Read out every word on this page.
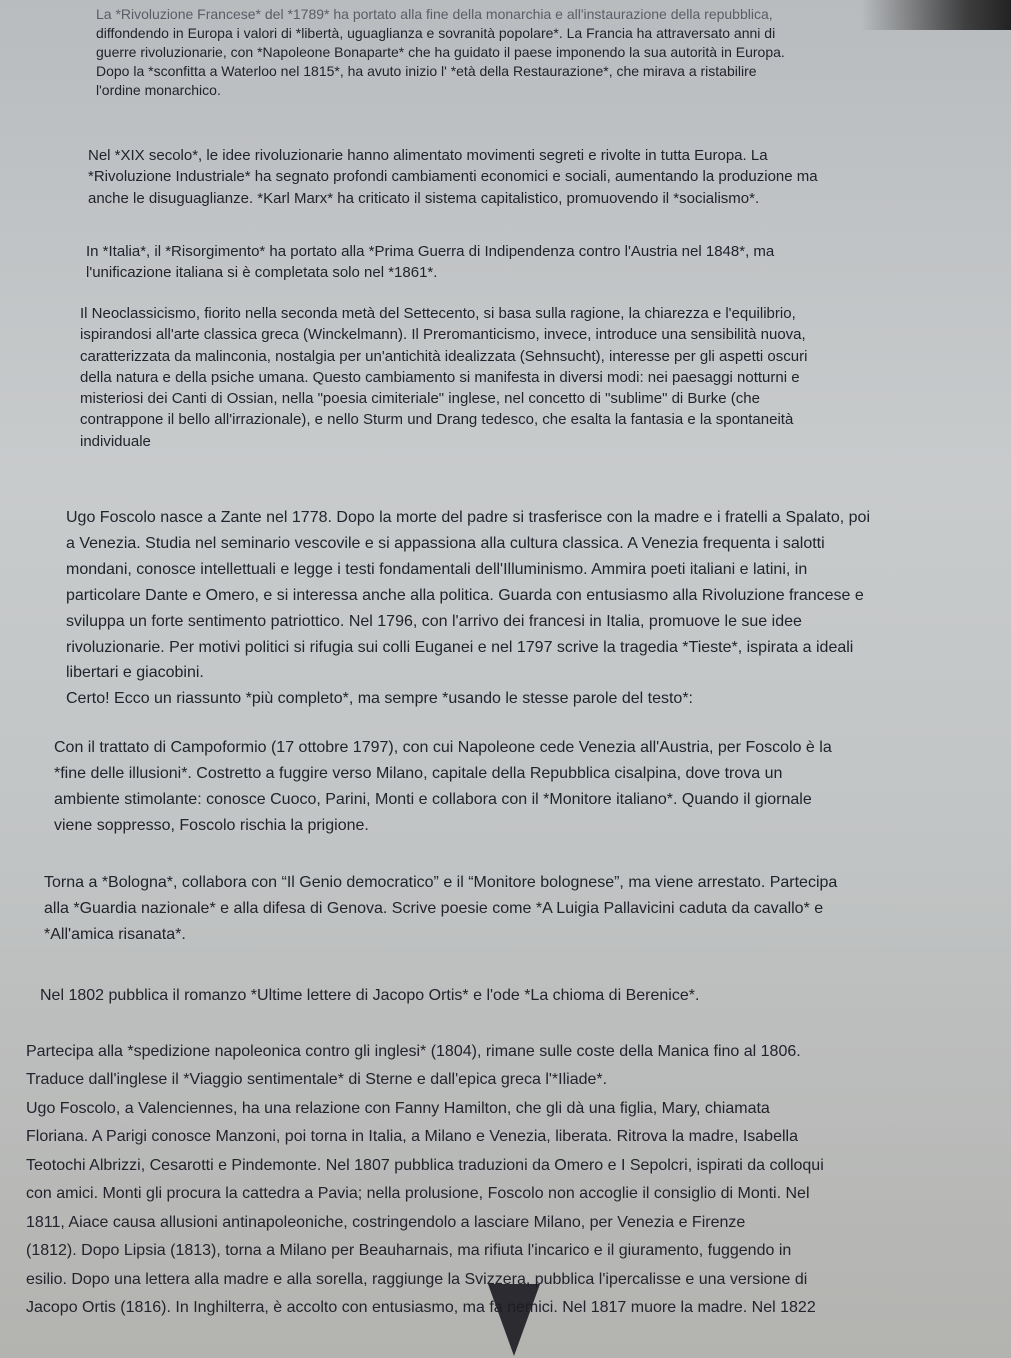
La *Rivoluzione Francese* del *1789* ha portato alla fine della monarchia e all'instaurazione della repubblica,
diffondendo in Europa i valori di *libertà, uguaglianza e sovranità popolare*. La Francia ha attraversato anni di
guerre rivoluzionarie, con *Napoleone Bonaparte* che ha guidato il paese imponendo la sua autorità in Europa.
Dopo la *sconfitta a Waterloo nel 1815*, ha avuto inizio l' *età della Restaurazione*, che mirava a ristabilire
l'ordine monarchico.
Nel *XIX secolo*, le idee rivoluzionarie hanno alimentato movimenti segreti e rivolte in tutta Europa. La
*Rivoluzione Industriale* ha segnato profondi cambiamenti economici e sociali, aumentando la produzione ma
anche le disuguaglianze. *Karl Marx* ha criticato il sistema capitalistico, promuovendo il *socialismo*.
In *Italia*, il *Risorgimento* ha portato alla *Prima Guerra di Indipendenza contro l'Austria nel 1848*, ma
l'unificazione italiana si è completata solo nel *1861*.
Il Neoclassicismo, fiorito nella seconda metà del Settecento, si basa sulla ragione, la chiarezza e l'equilibrio,
ispirandosi all'arte classica greca (Winckelmann). Il Preromanticismo, invece, introduce una sensibilità nuova,
caratterizzata da malinconia, nostalgia per un'antichità idealizzata (Sehnsucht), interesse per gli aspetti oscuri
della natura e della psiche umana. Questo cambiamento si manifesta in diversi modi: nei paesaggi notturni e
misteriosi dei Canti di Ossian, nella "poesia cimiteriale" inglese, nel concetto di "sublime" di Burke (che
contrappone il bello all'irrazionale), e nello Sturm und Drang tedesco, che esalta la fantasia e la spontaneità
individuale
Ugo Foscolo nasce a Zante nel 1778. Dopo la morte del padre si trasferisce con la madre e i fratelli a Spalato, poi
a Venezia. Studia nel seminario vescovile e si appassiona alla cultura classica. A Venezia frequenta i salotti
mondani, conosce intellettuali e legge i testi fondamentali dell'Illuminismo. Ammira poeti italiani e latini, in
particolare Dante e Omero, e si interessa anche alla politica. Guarda con entusiasmo alla Rivoluzione francese e
sviluppa un forte sentimento patriottico. Nel 1796, con l'arrivo dei francesi in Italia, promuove le sue idee
rivoluzionarie. Per motivi politici si rifugia sui colli Euganei e nel 1797 scrive la tragedia *Tieste*, ispirata a ideali
libertari e giacobini.
Certo! Ecco un riassunto *più completo*, ma sempre *usando le stesse parole del testo*:
Con il trattato di Campoformio (17 ottobre 1797), con cui Napoleone cede Venezia all'Austria, per Foscolo è la
*fine delle illusioni*. Costretto a fuggire verso Milano, capitale della Repubblica cisalpina, dove trova un
ambiente stimolante: conosce Cuoco, Parini, Monti e collabora con il *Monitore italiano*. Quando il giornale
viene soppresso, Foscolo rischia la prigione.
Torna a *Bologna*, collabora con “Il Genio democratico” e il “Monitore bolognese”, ma viene arrestato. Partecipa
alla *Guardia nazionale* e alla difesa di Genova. Scrive poesie come *A Luigia Pallavicini caduta da cavallo* e
*All'amica risanata*.
Nel 1802 pubblica il romanzo *Ultime lettere di Jacopo Ortis* e l'ode *La chioma di Berenice*.
Partecipa alla *spedizione napoleonica contro gli inglesi* (1804), rimane sulle coste della Manica fino al 1806.
Traduce dall'inglese il *Viaggio sentimentale* di Sterne e dall'epica greca l'*Iliade*.
Ugo Foscolo, a Valenciennes, ha una relazione con Fanny Hamilton, che gli dà una figlia, Mary, chiamata
Floriana. A Parigi conosce Manzoni, poi torna in Italia, a Milano e Venezia, liberata. Ritrova la madre, Isabella
Teotochi Albrizzi, Cesarotti e Pindemonte. Nel 1807 pubblica traduzioni da Omero e I Sepolcri, ispirati da colloqui
con amici. Monti gli procura la cattedra a Pavia; nella prolusione, Foscolo non accoglie il consiglio di Monti. Nel
1811, Aiace causa allusioni antinapoleoniche, costringendolo a lasciare Milano, per Venezia e Firenze
(1812). Dopo Lipsia (1813), torna a Milano per Beauharnais, ma rifiuta l'incarico e il giuramento, fuggendo in
esilio. Dopo una lettera alla madre e alla sorella, raggiunge la Svizzera, pubblica l'ipercalisse e una versione di
Jacopo Ortis (1816). In Inghilterra, è accolto con entusiasmo, ma fa nemici. Nel 1817 muore la madre. Nel 1822
